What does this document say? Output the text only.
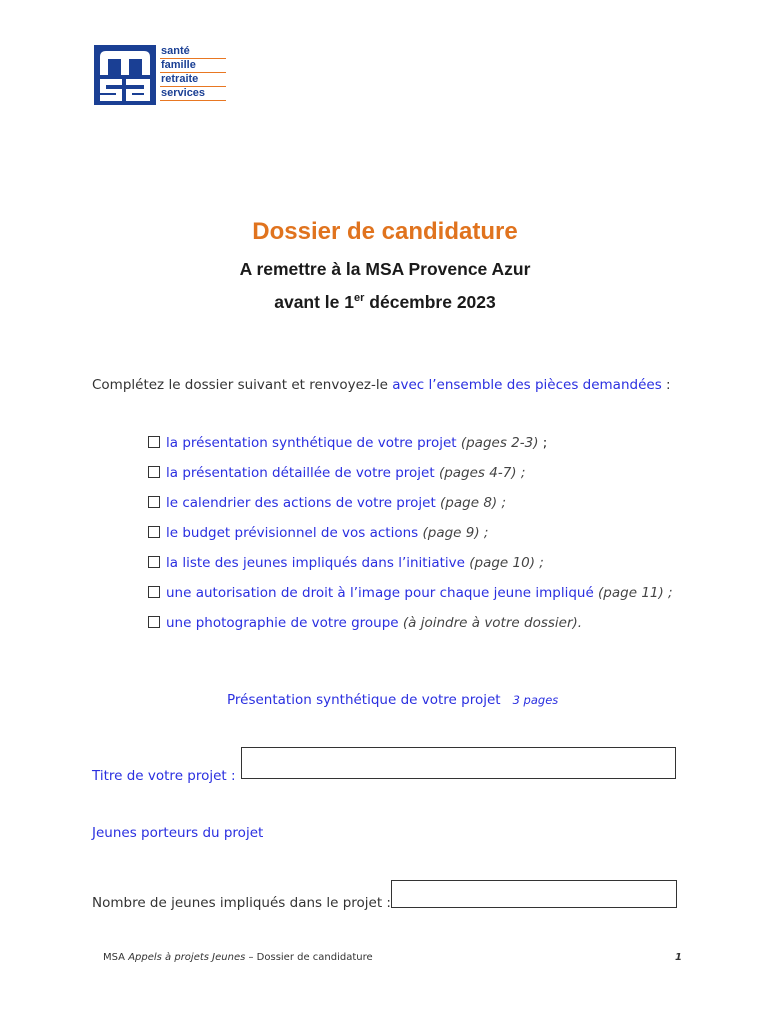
santé
famille
retraite
services
Dossier de candidature
A remettre à la MSA Provence Azur
avant le 1er décembre 2023
Complétez le dossier suivant et renvoyez-le avec l’ensemble des pièces demandées :
la présentation synthétique de votre projet (pages 2-3) ;
la présentation détaillée de votre projet (pages 4-7) ;
le calendrier des actions de votre projet (page 8) ;
le budget prévisionnel de vos actions (page 9) ;
la liste des jeunes impliqués dans l’initiative (page 10) ;
une autorisation de droit à l’image pour chaque jeune impliqué (page 11) ;
une photographie de votre groupe (à joindre à votre dossier).
Présentation synthétique de votre projet 3 pages
Titre de votre projet :
Jeunes porteurs du projet
Nombre de jeunes impliqués dans le projet :
MSA Appels à projets Jeunes – Dossier de candidature	1
